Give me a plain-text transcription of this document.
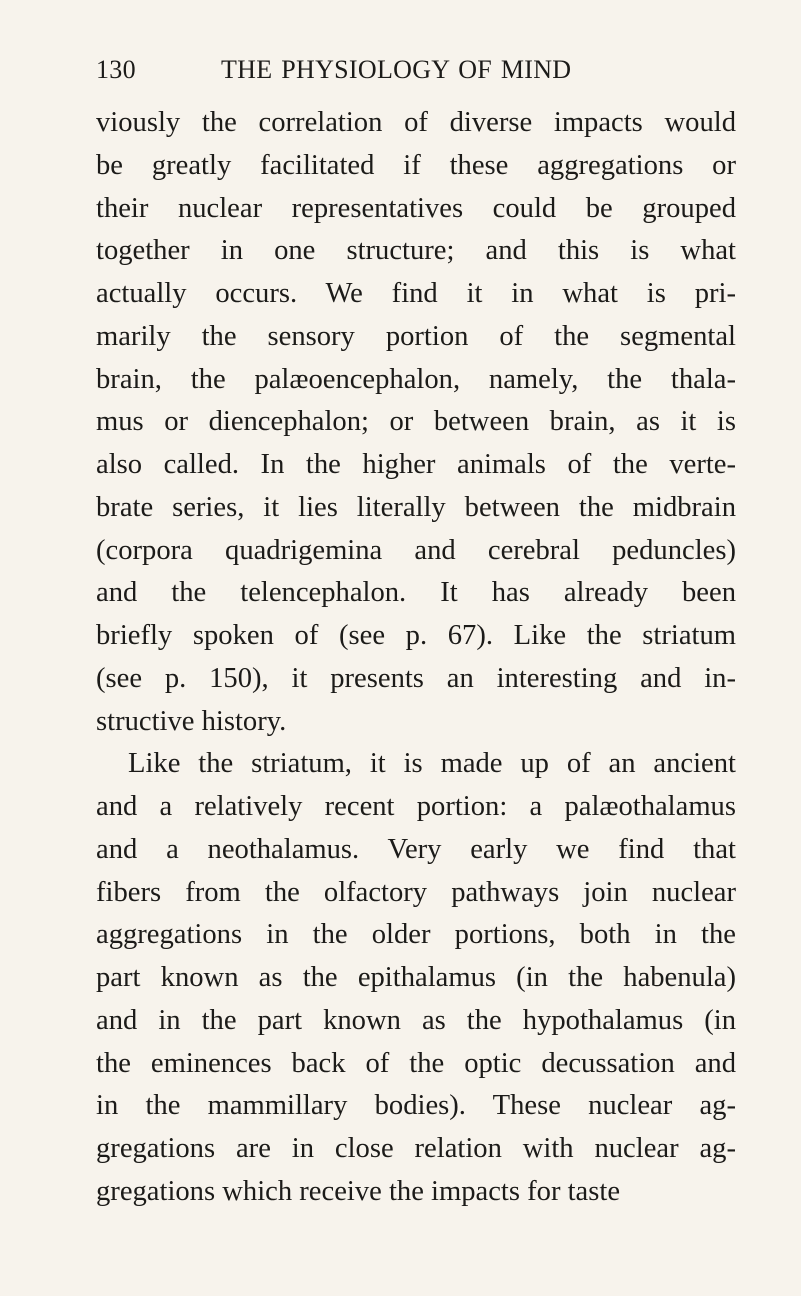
130	THE PHYSIOLOGY OF MIND
viously the correlation of diverse impacts would
be greatly facilitated if these aggregations or
their nuclear representatives could be grouped
together in one structure; and this is what
actually occurs. We find it in what is pri-
marily the sensory portion of the segmental
brain, the palæoencephalon, namely, the thala-
mus or diencephalon; or between brain, as it is
also called. In the higher animals of the verte-
brate series, it lies literally between the midbrain
(corpora quadrigemina and cerebral peduncles)
and the telencephalon. It has already been
briefly spoken of (see p. 67). Like the striatum
(see p. 150), it presents an interesting and in-
structive history.
Like the striatum, it is made up of an ancient
and a relatively recent portion: a palæothalamus
and a neothalamus. Very early we find that
fibers from the olfactory pathways join nuclear
aggregations in the older portions, both in the
part known as the epithalamus (in the habenula)
and in the part known as the hypothalamus (in
the eminences back of the optic decussation and
in the mammillary bodies). These nuclear ag-
gregations are in close relation with nuclear ag-
gregations which receive the impacts for taste
